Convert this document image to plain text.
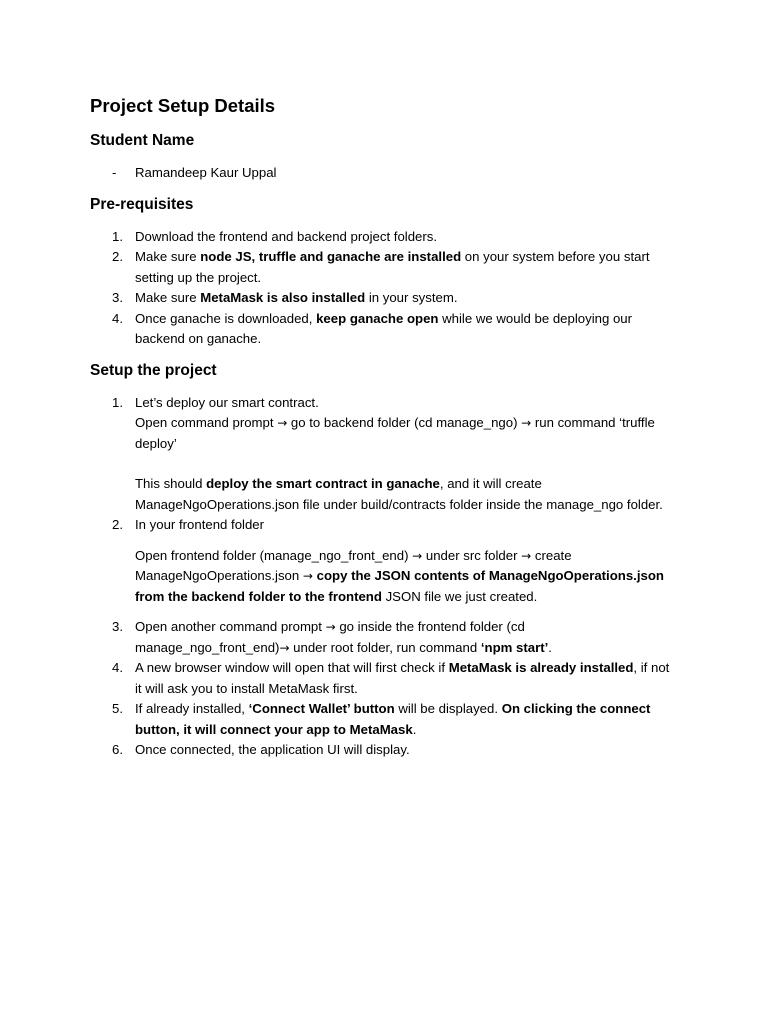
Project Setup Details
Student Name
- Ramandeep Kaur Uppal
Pre-requisites
1. Download the frontend and backend project folders.
2. Make sure node JS, truffle and ganache are installed on your system before you start setting up the project.
3. Make sure MetaMask is also installed in your system.
4. Once ganache is downloaded, keep ganache open while we would be deploying our backend on ganache.
Setup the project
1. Let’s deploy our smart contract.
Open command prompt → go to backend folder (cd manage_ngo) → run command ‘truffle deploy’
This should deploy the smart contract in ganache, and it will create ManageNgoOperations.json file under build/contracts folder inside the manage_ngo folder.
2. In your frontend folder
Open frontend folder (manage_ngo_front_end) → under src folder → create ManageNgoOperations.json → copy the JSON contents of ManageNgoOperations.json from the backend folder to the frontend JSON file we just created.
3. Open another command prompt → go inside the frontend folder (cd manage_ngo_front_end)→ under root folder, run command ‘npm start’.
4. A new browser window will open that will first check if MetaMask is already installed, if not it will ask you to install MetaMask first.
5. If already installed, ‘Connect Wallet’ button will be displayed. On clicking the connect button, it will connect your app to MetaMask.
6. Once connected, the application UI will display.
